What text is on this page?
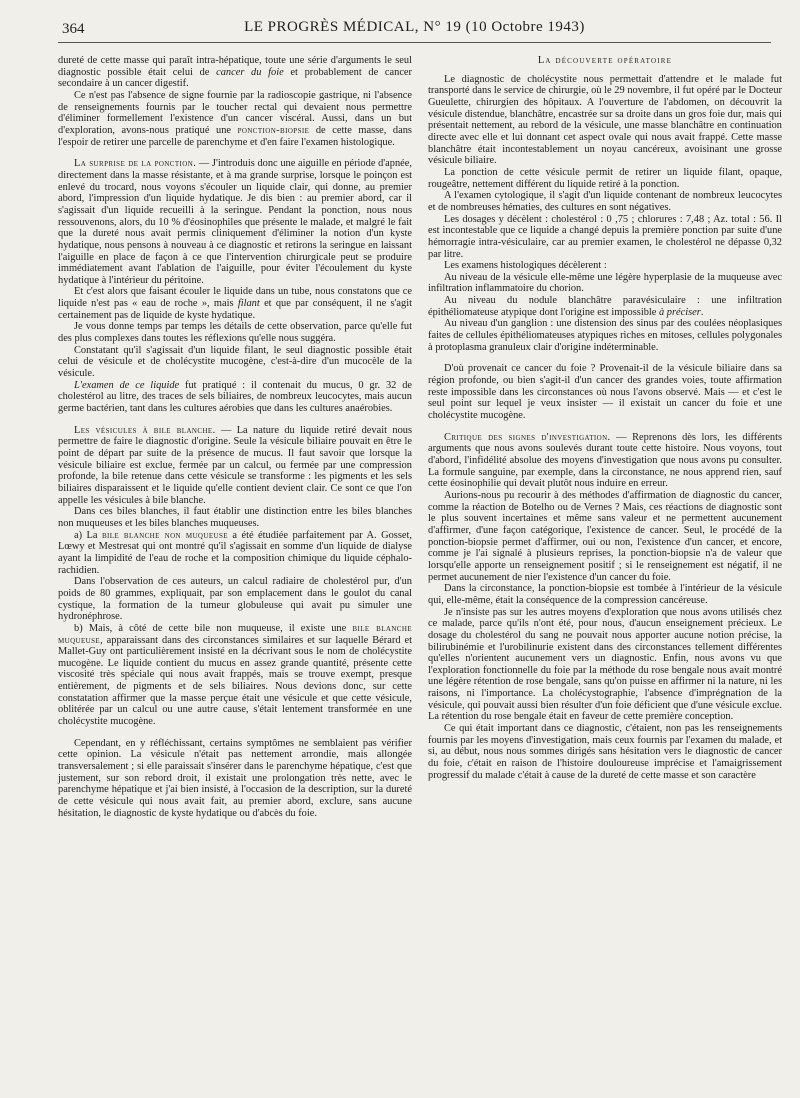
364	LE PROGRÈS MÉDICAL, N° 19 (10 Octobre 1943)

dureté de cette masse qui paraît intra-hépatique, toute une série d'arguments le seul diagnostic possible était celui de cancer du foie et probablement de cancer secondaire à un cancer digestif.

Ce n'est pas l'absence de signe fournie par la radioscopie gastrique, ni l'absence de renseignements fournis par le toucher rectal qui devaient nous permettre d'éliminer formellement l'existence d'un cancer viscéral. Aussi, dans un but d'exploration, avons-nous pratiqué une ponction-biopsie de cette masse, dans l'espoir de retirer une parcelle de parenchyme et d'en faire l'examen histologique.

La surprise de la ponction. — J'introduis donc une aiguille en période d'apnée, directement dans la masse résistante, et à ma grande surprise, lorsque le poinçon est enlevé du trocard, nous voyons s'écouler un liquide clair, qui donne, au premier abord, l'impression d'un liquide hydatique. Je dis bien : au premier abord, car il s'agissait d'un liquide recueilli à la seringue. Pendant la ponction, nous nous ressouvenons, alors, du 10 % d'éosinophiles que présente le malade, et malgré le fait que la dureté nous avait permis cliniquement d'éliminer la notion d'un kyste hydatique, nous pensons à nouveau à ce diagnostic et retirons la seringue en laissant l'aiguille en place de façon à ce que l'intervention chirurgicale peut se produire immédiatement avant l'ablation de l'aiguille, pour éviter l'écoulement du kyste hydatique à l'intérieur du péritoine.

Et c'est alors que faisant écouler le liquide dans un tube, nous constatons que ce liquide n'est pas « eau de roche », mais filant et que par conséquent, il ne s'agit certainement pas de liquide de kyste hydatique.

Je vous donne temps par temps les détails de cette observation, parce qu'elle fut des plus complexes dans toutes les réflexions qu'elle nous suggéra.

Constatant qu'il s'agissait d'un liquide filant, le seul diagnostic possible était celui de vésicule et de cholécystite mucogène, c'est-à-dire d'un mucocèle de la vésicule.

L'examen de ce liquide fut pratiqué : il contenait du mucus, 0 gr. 32 de cholestérol au litre, des traces de sels biliaires, de nombreux leucocytes, mais aucun germe bactérien, tant dans les cultures aérobies que dans les cultures anaérobies.

Les vésicules à bile blanche. — La nature du liquide retiré devait nous permettre de faire le diagnostic d'origine. Seule la vésicule biliaire pouvait en être le point de départ par suite de la présence de mucus. Il faut savoir que lorsque la vésicule biliaire est exclue, fermée par un calcul, ou fermée par une compression profonde, la bile retenue dans cette vésicule se transforme : les pigments et les sels biliaires disparaissent et le liquide qu'elle contient devient clair. Ce sont ce que l'on appelle les vésicules à bile blanche.

Dans ces biles blanches, il faut établir une distinction entre les biles blanches non muqueuses et les biles blanches muqueuses.

a) La bile blanche non muqueuse a été étudiée parfaitement par A. Gosset, Lœwy et Mestresat qui ont montré qu'il s'agissait en somme d'un liquide de dialyse ayant la limpidité de l'eau de roche et la composition chimique du liquide céphalo-rachidien.

Dans l'observation de ces auteurs, un calcul radiaire de cholestérol pur, d'un poids de 80 grammes, expliquait, par son emplacement dans le goulot du canal cystique, la formation de la tumeur globuleuse qui avait pu simuler une hydronéphrose.

b) Mais, à côté de cette bile non muqueuse, il existe une bile blanche muqueuse, apparaissant dans des circonstances similaires et sur laquelle Bérard et Mallet-Guy ont particulièrement insisté en la décrivant sous le nom de cholécystite mucogène. Le liquide contient du mucus en assez grande quantité, présente cette viscosité très spéciale qui nous avait frappés, mais se trouve exempt, presque entièrement, de pigments et de sels biliaires. Nous devions donc, sur cette constatation affirmer que la masse perçue était une vésicule et que cette vésicule, oblitérée par un calcul ou une autre cause, s'était lentement transformée en une cholécystite mucogène.

Cependant, en y réfléchissant, certains symptômes ne semblaient pas vérifier cette opinion. La vésicule n'était pas nettement arrondie, mais allongée transversalement ; si elle paraissait s'insérer dans le parenchyme hépatique, c'est que justement, sur son rebord droit, il existait une prolongation très nette, avec le parenchyme hépatique et j'ai bien insisté, à l'occasion de la description, sur la dureté de cette vésicule qui nous avait fait, au premier abord, exclure, sans aucune hésitation, le diagnostic de kyste hydatique ou d'abcès du foie.

La découverte opératoire

Le diagnostic de cholécystite nous permettait d'attendre et le malade fut transporté dans le service de chirurgie, où le 29 novembre, il fut opéré par le Docteur Gueulette, chirurgien des hôpitaux. A l'ouverture de l'abdomen, on découvrit la vésicule distendue, blanchâtre, encastrée sur sa droite dans un gros foie dur, mais qui présentait nettement, au rebord de la vésicule, une masse blanchâtre en continuation directe avec elle et lui donnant cet aspect ovale qui nous avait frappé. Cette masse blanchâtre était incontestablement un noyau cancéreux, avoisinant une grosse vésicule biliaire.

La ponction de cette vésicule permit de retirer un liquide filant, opaque, rougeâtre, nettement différent du liquide retiré à la ponction.

A l'examen cytologique, il s'agit d'un liquide contenant de nombreux leucocytes et de nombreuses hématies, des cultures en sont négatives.

Les dosages y décèlent : cholestérol : 0 ,75 ; chlorures : 7,48 ; Az. total : 56. Il est incontestable que ce liquide a changé depuis la première ponction par suite d'une hémorragie intra-vésiculaire, car au premier examen, le cholestérol ne dépasse 0,32 par litre.

Les examens histologiques décèlerent :

Au niveau de la vésicule elle-même une légère hyperplasie de la muqueuse avec infiltration inflammatoire du chorion.

Au niveau du nodule blanchâtre paravésiculaire : une infiltration épithéliomateuse atypique dont l'origine est impossible à préciser.

Au niveau d'un ganglion : une distension des sinus par des coulées néoplasiques faites de cellules épithéliomateuses atypiques riches en mitoses, cellules polygonales à protoplasma granuleux clair d'origine indéterminable.

D'où provenait ce cancer du foie ? Provenait-il de la vésicule biliaire dans sa région profonde, ou bien s'agit-il d'un cancer des grandes voies, toute affirmation reste impossible dans les circonstances où nous l'avons observé. Mais — et c'est le seul point sur lequel je veux insister — il existait un cancer du foie et une cholécystite mucogène.

Critique des signes d'investigation. — Reprenons dès lors, les différents arguments que nous avons soulevés durant toute cette histoire. Nous voyons, tout d'abord, l'infidélité absolue des moyens d'investigation que nous avons pu consulter. La formule sanguine, par exemple, dans la circonstance, ne nous apprend rien, sauf cette éosinophilie qui devait plutôt nous induire en erreur.

Aurions-nous pu recourir à des méthodes d'affirmation de diagnostic du cancer, comme la réaction de Botelho ou de Vernes ? Mais, ces réactions de diagnostic sont le plus souvent incertaines et même sans valeur et ne permettent aucunement d'affirmer, d'une façon catégorique, l'existence de cancer. Seul, le procédé de la ponction-biopsie permet d'affirmer, oui ou non, l'existence d'un cancer, et encore, comme je l'ai signalé à plusieurs reprises, la ponction-biopsie n'a de valeur que lorsqu'elle apporte un renseignement positif ; si le renseignement est négatif, il ne permet aucunement de nier l'existence d'un cancer du foie.

Dans la circonstance, la ponction-biopsie est tombée à l'intérieur de la vésicule qui, elle-même, était la conséquence de la compression cancéreuse.

Je n'insiste pas sur les autres moyens d'exploration que nous avons utilisés chez ce malade, parce qu'ils n'ont été, pour nous, d'aucun enseignement précieux. Le dosage du cholestérol du sang ne pouvait nous apporter aucune notion précise, la bilirubinémie et l'urobilinurie existent dans des circonstances tellement différentes qu'elles n'orientent aucunement vers un diagnostic. Enfin, nous avons vu que l'exploration fonctionnelle du foie par la méthode du rose bengale nous avait montré une légère rétention de rose bengale, sans qu'on puisse en affirmer ni la nature, ni les raisons, ni l'importance. La cholécystographie, l'absence d'imprégnation de la vésicule, qui pouvait aussi bien résulter d'un foie déficient que d'une vésicule exclue. La rétention du rose bengale était en faveur de cette première conception.

Ce qui était important dans ce diagnostic, c'étaient, non pas les renseignements fournis par les moyens d'investigation, mais ceux fournis par l'examen du malade, et si, au début, nous nous sommes dirigés sans hésitation vers le diagnostic de cancer du foie, c'était en raison de l'histoire douloureuse imprécise et l'amaigrissement progressif du malade c'était à cause de la dureté de cette masse et son caractère
